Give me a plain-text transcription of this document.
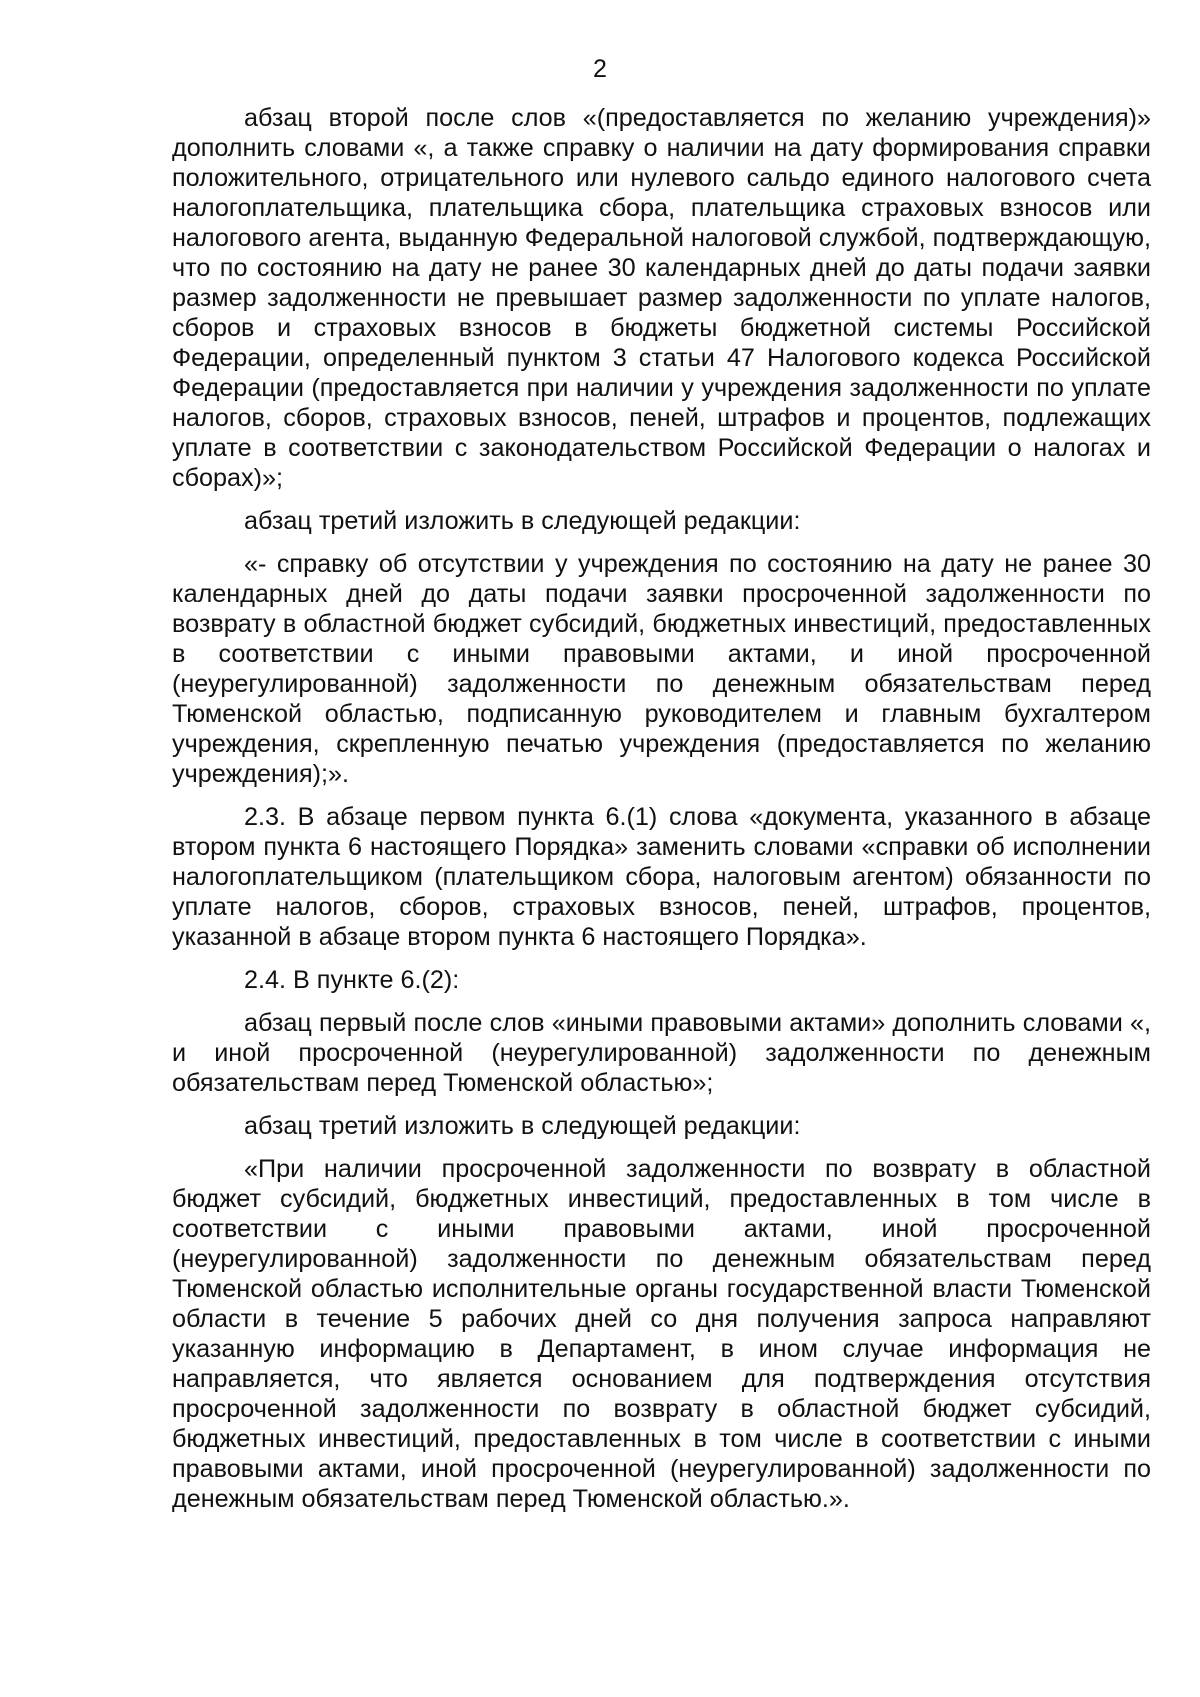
2

абзац второй после слов «(предоставляется по желанию учреждения)» дополнить словами «, а также справку о наличии на дату формирования справки положительного, отрицательного или нулевого сальдо единого налогового счета налогоплательщика, плательщика сбора, плательщика страховых взносов или налогового агента, выданную Федеральной налоговой службой, подтверждающую, что по состоянию на дату не ранее 30 календарных дней до даты подачи заявки размер задолженности не превышает размер задолженности по уплате налогов, сборов и страховых взносов в бюджеты бюджетной системы Российской Федерации, определенный пунктом 3 статьи 47 Налогового кодекса Российской Федерации (предоставляется при наличии у учреждения задолженности по уплате налогов, сборов, страховых взносов, пеней, штрафов и процентов, подлежащих уплате в соответствии с законодательством Российской Федерации о налогах и сборах)»;

абзац третий изложить в следующей редакции:

«- справку об отсутствии у учреждения по состоянию на дату не ранее 30 календарных дней до даты подачи заявки просроченной задолженности по возврату в областной бюджет субсидий, бюджетных инвестиций, предоставленных в соответствии с иными правовыми актами, и иной просроченной (неурегулированной) задолженности по денежным обязательствам перед Тюменской областью, подписанную руководителем и главным бухгалтером учреждения, скрепленную печатью учреждения (предоставляется по желанию учреждения);».

2.3. В абзаце первом пункта 6.(1) слова «документа, указанного в абзаце втором пункта 6 настоящего Порядка» заменить словами «справки об исполнении налогоплательщиком (плательщиком сбора, налоговым агентом) обязанности по уплате налогов, сборов, страховых взносов, пеней, штрафов, процентов, указанной в абзаце втором пункта 6 настоящего Порядка».

2.4. В пункте 6.(2):

абзац первый после слов «иными правовыми актами» дополнить словами «, и иной просроченной (неурегулированной) задолженности по денежным обязательствам перед Тюменской областью»;

абзац третий изложить в следующей редакции:

«При наличии просроченной задолженности по возврату в областной бюджет субсидий, бюджетных инвестиций, предоставленных в том числе в соответствии с иными правовыми актами, иной просроченной (неурегулированной) задолженности по денежным обязательствам перед Тюменской областью исполнительные органы государственной власти Тюменской области в течение 5 рабочих дней со дня получения запроса направляют указанную информацию в Департамент, в ином случае информация не направляется, что является основанием для подтверждения отсутствия просроченной задолженности по возврату в областной бюджет субсидий, бюджетных инвестиций, предоставленных в том числе в соответствии с иными правовыми актами, иной просроченной (неурегулированной) задолженности по денежным обязательствам перед Тюменской областью.».
